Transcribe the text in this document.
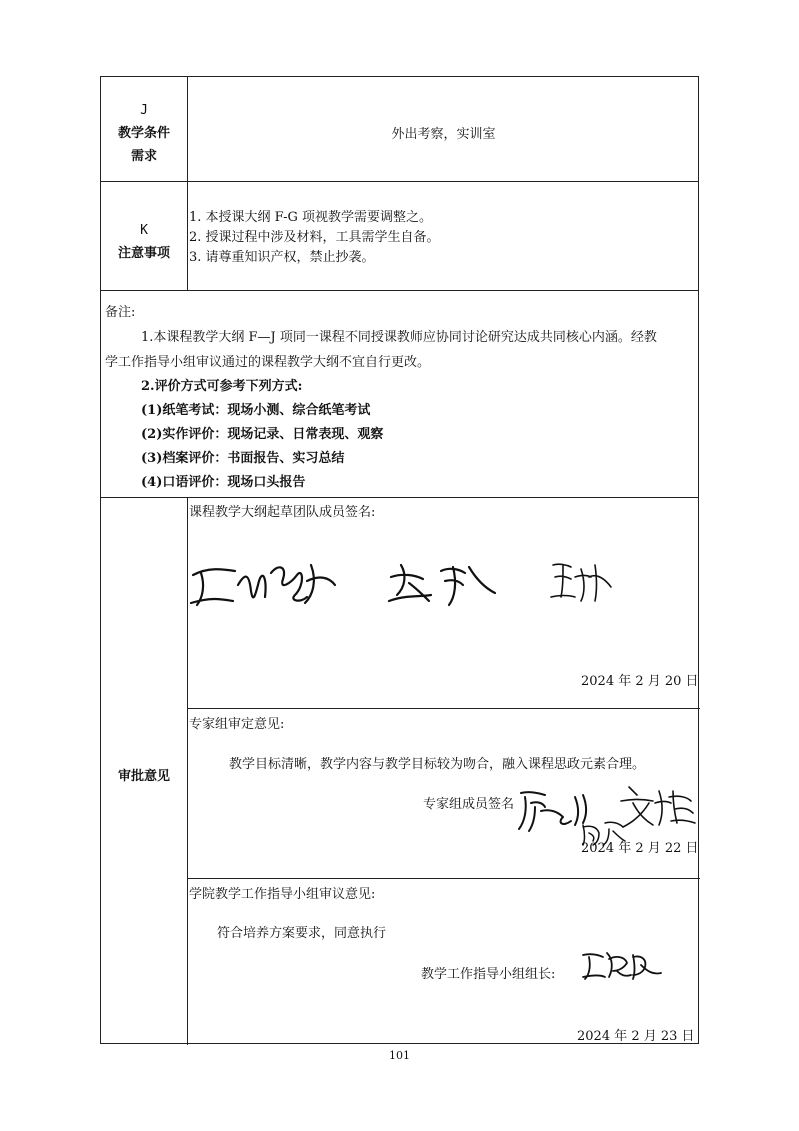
J
教学条件
需求
外出考察，实训室
K
注意事项
1. 本授课大纲 F-G 项视教学需要调整之。
2. 授课过程中涉及材料，工具需学生自备。
3. 请尊重知识产权，禁止抄袭。
备注:
1.本课程教学大纲 F—J 项同一课程不同授课教师应协同讨论研究达成共同核心内涵。经教
学工作指导小组审议通过的课程教学大纲不宜自行更改。
2.评价方式可参考下列方式:
(1)纸笔考试：现场小测、综合纸笔考试
(2)实作评价：现场记录、日常表现、观察
(3)档案评价：书面报告、实习总结
(4)口语评价：现场口头报告
审批意见
课程教学大纲起草团队成员签名:
2024 年 2 月 20 日
专家组审定意见:
教学目标清晰，教学内容与教学目标较为吻合，融入课程思政元素合理。
专家组成员签名
2024 年 2 月 22 日
学院教学工作指导小组审议意见:
符合培养方案要求，同意执行
教学工作指导小组组长:
2024 年 2 月 23 日
101
